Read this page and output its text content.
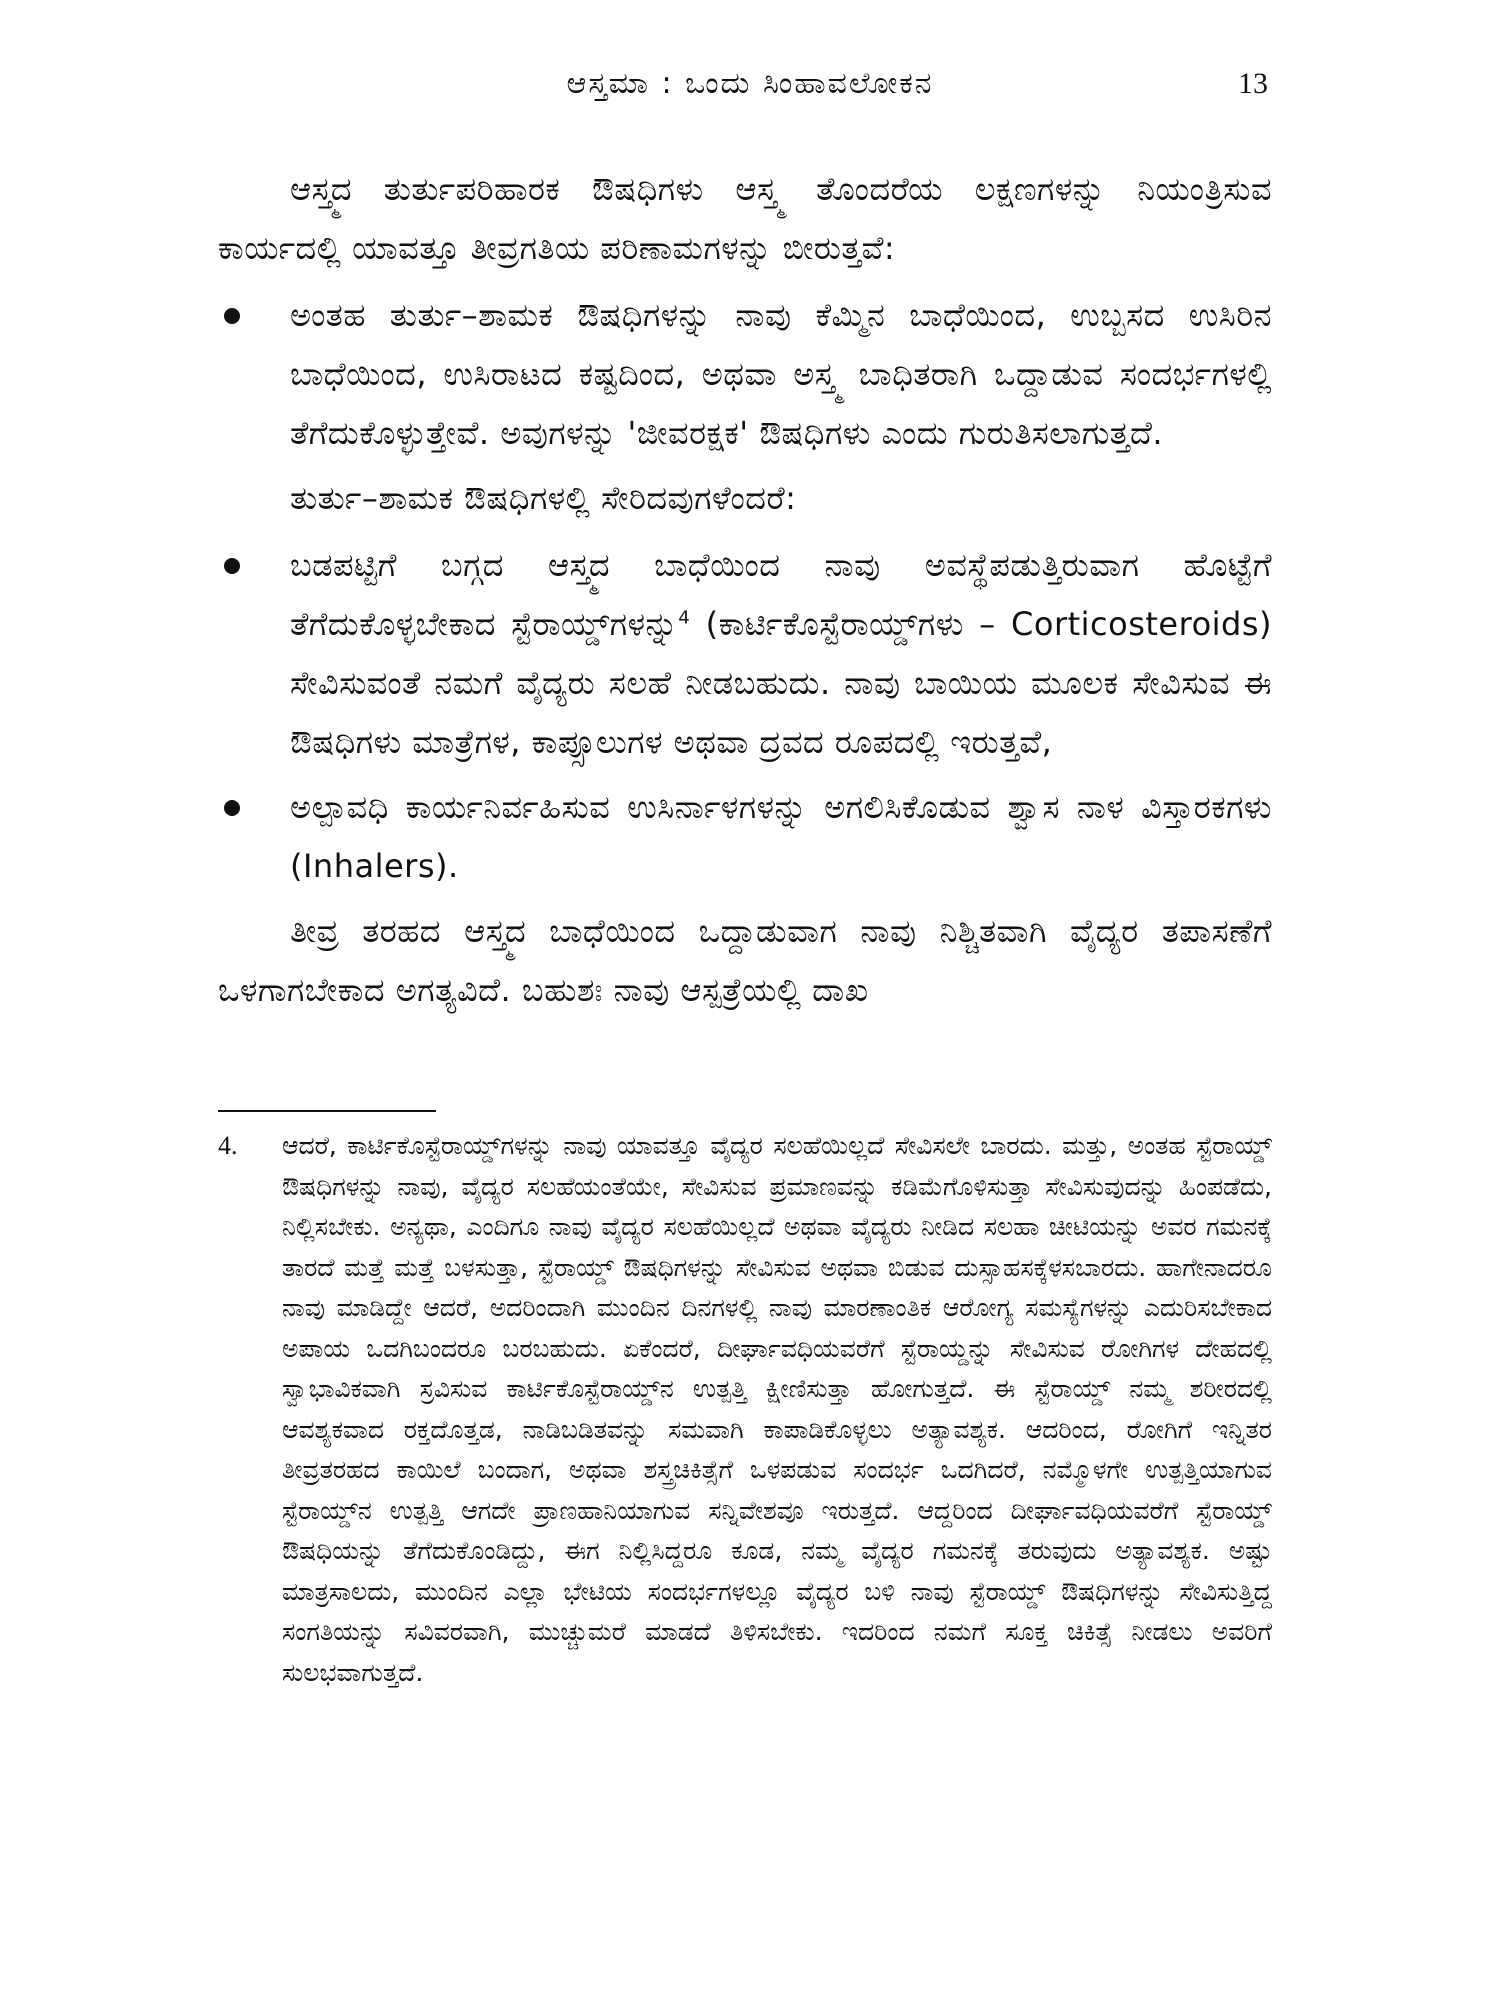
ಆಸ್ತಮಾ : ಒಂದು ಸಿಂಹಾವಲೋಕನ	13

ಆಸ್ತ್ಮದ ತುರ್ತುಪರಿಹಾರಕ ಔಷಧಿಗಳು ಆಸ್ತ್ಮ ತೊಂದರೆಯ ಲಕ್ಷಣಗಳನ್ನು ನಿಯಂತ್ರಿಸುವ ಕಾರ್ಯದಲ್ಲಿ ಯಾವತ್ತೂ ತೀವ್ರಗತಿಯ ಪರಿಣಾಮಗಳನ್ನು ಬೀರುತ್ತವೆ:

ಅಂತಹ ತುರ್ತು–ಶಾಮಕ ಔಷಧಿಗಳನ್ನು ನಾವು ಕೆಮ್ಮಿನ ಬಾಧೆಯಿಂದ, ಉಬ್ಬಸದ ಉಸಿರಿನ ಬಾಧೆಯಿಂದ, ಉಸಿರಾಟದ ಕಷ್ಟದಿಂದ, ಅಥವಾ ಅಸ್ತ್ಮ ಬಾಧಿತರಾಗಿ ಒದ್ದಾಡುವ ಸಂದರ್ಭಗಳಲ್ಲಿ ತೆಗೆದುಕೊಳ್ಳುತ್ತೇವೆ. ಅವುಗಳನ್ನು 'ಜೀವರಕ್ಷಕ' ಔಷಧಿಗಳು ಎಂದು ಗುರುತಿಸಲಾಗುತ್ತದೆ.

ತುರ್ತು–ಶಾಮಕ ಔಷಧಿಗಳಲ್ಲಿ ಸೇರಿದವುಗಳೆಂದರೆ:

ಬಡಪಟ್ಟಿಗೆ ಬಗ್ಗದ ಆಸ್ತ್ಮದ ಬಾಧೆಯಿಂದ ನಾವು ಅವಸ್ಥೆಪಡುತ್ತಿರುವಾಗ ಹೊಟ್ಟೆಗೆ ತೆಗೆದುಕೊಳ್ಳಬೇಕಾದ ಸ್ಟೆರಾಯ್ಡ್‌ಗಳನ್ನು$^4$ (ಕಾರ್ಟಿಕೊಸ್ಟೆರಾಯ್ಡ್‌ಗಳು – Corticosteroids) ಸೇವಿಸುವಂತೆ ನಮಗೆ ವೈದ್ಯರು ಸಲಹೆ ನೀಡಬಹುದು. ನಾವು ಬಾಯಿಯ ಮೂಲಕ ಸೇವಿಸುವ ಈ ಔಷಧಿಗಳು ಮಾತ್ರೆಗಳ, ಕಾಪ್ಸೂಲುಗಳ ಅಥವಾ ದ್ರವದ ರೂಪದಲ್ಲಿ ಇರುತ್ತವೆ,
ಅಲ್ಪಾವಧಿ ಕಾರ್ಯನಿರ್ವಹಿಸುವ ಉಸಿರ್ನಾಳಗಳನ್ನು ಅಗಲಿಸಿಕೊಡುವ ಶ್ವಾಸ ನಾಳ ವಿಸ್ತಾರಕಗಳು (Inhalers).

ತೀವ್ರ ತರಹದ ಆಸ್ತ್ಮದ ಬಾಧೆಯಿಂದ ಒದ್ದಾಡುವಾಗ ನಾವು ನಿಶ್ಚಿತವಾಗಿ ವೈದ್ಯರ ತಪಾಸಣೆಗೆ ಒಳಗಾಗಬೇಕಾದ ಅಗತ್ಯವಿದೆ. ಬಹುಶಃ ನಾವು ಆಸ್ಪತ್ರೆಯಲ್ಲಿ ದಾಖ

4. ಆದರೆ, ಕಾರ್ಟಿಕೊಸ್ಟೆರಾಯ್ಡ್‌ಗಳನ್ನು ನಾವು ಯಾವತ್ತೂ ವೈದ್ಯರ ಸಲಹೆಯಿಲ್ಲದೆ ಸೇವಿಸಲೇ ಬಾರದು. ಮತ್ತು, ಅಂತಹ ಸ್ಟೆರಾಯ್ಡ್ ಔಷಧಿಗಳನ್ನು ನಾವು, ವೈದ್ಯರ ಸಲಹೆಯಂತೆಯೇ, ಸೇವಿಸುವ ಪ್ರಮಾಣವನ್ನು ಕಡಿಮೆಗೊಳಿಸುತ್ತಾ ಸೇವಿಸುವುದನ್ನು ಹಿಂಪಡೆದು, ನಿಲ್ಲಿಸಬೇಕು. ಅನ್ಯಥಾ, ಎಂದಿಗೂ ನಾವು ವೈದ್ಯರ ಸಲಹೆಯಿಲ್ಲದೆ ಅಥವಾ ವೈದ್ಯರು ನೀಡಿದ ಸಲಹಾ ಚೀಟಿಯನ್ನು ಅವರ ಗಮನಕ್ಕೆ ತಾರದೆ ಮತ್ತೆ ಮತ್ತೆ ಬಳಸುತ್ತಾ, ಸ್ಟೆರಾಯ್ಡ್ ಔಷಧಿಗಳನ್ನು ಸೇವಿಸುವ ಅಥವಾ ಬಿಡುವ ದುಸ್ಸಾಹಸಕ್ಕೆಳಸಬಾರದು. ಹಾಗೇನಾದರೂ ನಾವು ಮಾಡಿದ್ದೇ ಆದರೆ, ಅದರಿಂದಾಗಿ ಮುಂದಿನ ದಿನಗಳಲ್ಲಿ ನಾವು ಮಾರಣಾಂತಿಕ ಆರೋಗ್ಯ ಸಮಸ್ಯೆಗಳನ್ನು ಎದುರಿಸಬೇಕಾದ ಅಪಾಯ ಒದಗಿಬಂದರೂ ಬರಬಹುದು. ಏಕೆಂದರೆ, ದೀರ್ಘಾವಧಿಯವರೆಗೆ ಸ್ಟೆರಾಯ್ಡನ್ನು ಸೇವಿಸುವ ರೋಗಿಗಳ ದೇಹದಲ್ಲಿ ಸ್ವಾಭಾವಿಕವಾಗಿ ಸ್ರವಿಸುವ ಕಾರ್ಟಿಕೊಸ್ಟೆರಾಯ್ಡ್‌ನ ಉತ್ಪತ್ತಿ ಕ್ಷೀಣಿಸುತ್ತಾ ಹೋಗುತ್ತದೆ. ಈ ಸ್ಟೆರಾಯ್ಡ್ ನಮ್ಮ ಶರೀರದಲ್ಲಿ ಆವಶ್ಯಕವಾದ ರಕ್ತದೊತ್ತಡ, ನಾಡಿಬಡಿತವನ್ನು ಸಮವಾಗಿ ಕಾಪಾಡಿಕೊಳ್ಳಲು ಅತ್ಯಾವಶ್ಯಕ. ಆದರಿಂದ, ರೋಗಿಗೆ ಇನ್ನಿತರ ತೀವ್ರತರಹದ ಕಾಯಿಲೆ ಬಂದಾಗ, ಅಥವಾ ಶಸ್ತ್ರಚಿಕಿತ್ಸೆಗೆ ಒಳಪಡುವ ಸಂದರ್ಭ ಒದಗಿದರೆ, ನಮ್ಮೊಳಗೇ ಉತ್ಪತ್ತಿಯಾಗುವ ಸ್ಟೆರಾಯ್ಡ್‌ನ ಉತ್ಪತ್ತಿ ಆಗದೇ ಪ್ರಾಣಹಾನಿಯಾಗುವ ಸನ್ನಿವೇಶವೂ ಇರುತ್ತದೆ. ಆದ್ದರಿಂದ ದೀರ್ಘಾವಧಿಯವರೆಗೆ ಸ್ಟೆರಾಯ್ಡ್ ಔಷಧಿಯನ್ನು ತೆಗೆದುಕೊಂಡಿದ್ದು, ಈಗ ನಿಲ್ಲಿಸಿದ್ದರೂ ಕೂಡ, ನಮ್ಮ ವೈದ್ಯರ ಗಮನಕ್ಕೆ ತರುವುದು ಅತ್ಯಾವಶ್ಯಕ. ಅಷ್ಟು ಮಾತ್ರಸಾಲದು, ಮುಂದಿನ ಎಲ್ಲಾ ಭೇಟಿಯ ಸಂದರ್ಭಗಳಲ್ಲೂ ವೈದ್ಯರ ಬಳಿ ನಾವು ಸ್ಟೆರಾಯ್ಡ್ ಔಷಧಿಗಳನ್ನು ಸೇವಿಸುತ್ತಿದ್ದ ಸಂಗತಿಯನ್ನು ಸವಿವರವಾಗಿ, ಮುಚ್ಚುಮರೆ ಮಾಡದೆ ತಿಳಿಸಬೇಕು. ಇದರಿಂದ ನಮಗೆ ಸೂಕ್ತ ಚಿಕಿತ್ಸೆ ನೀಡಲು ಅವರಿಗೆ ಸುಲಭವಾಗುತ್ತದೆ.
